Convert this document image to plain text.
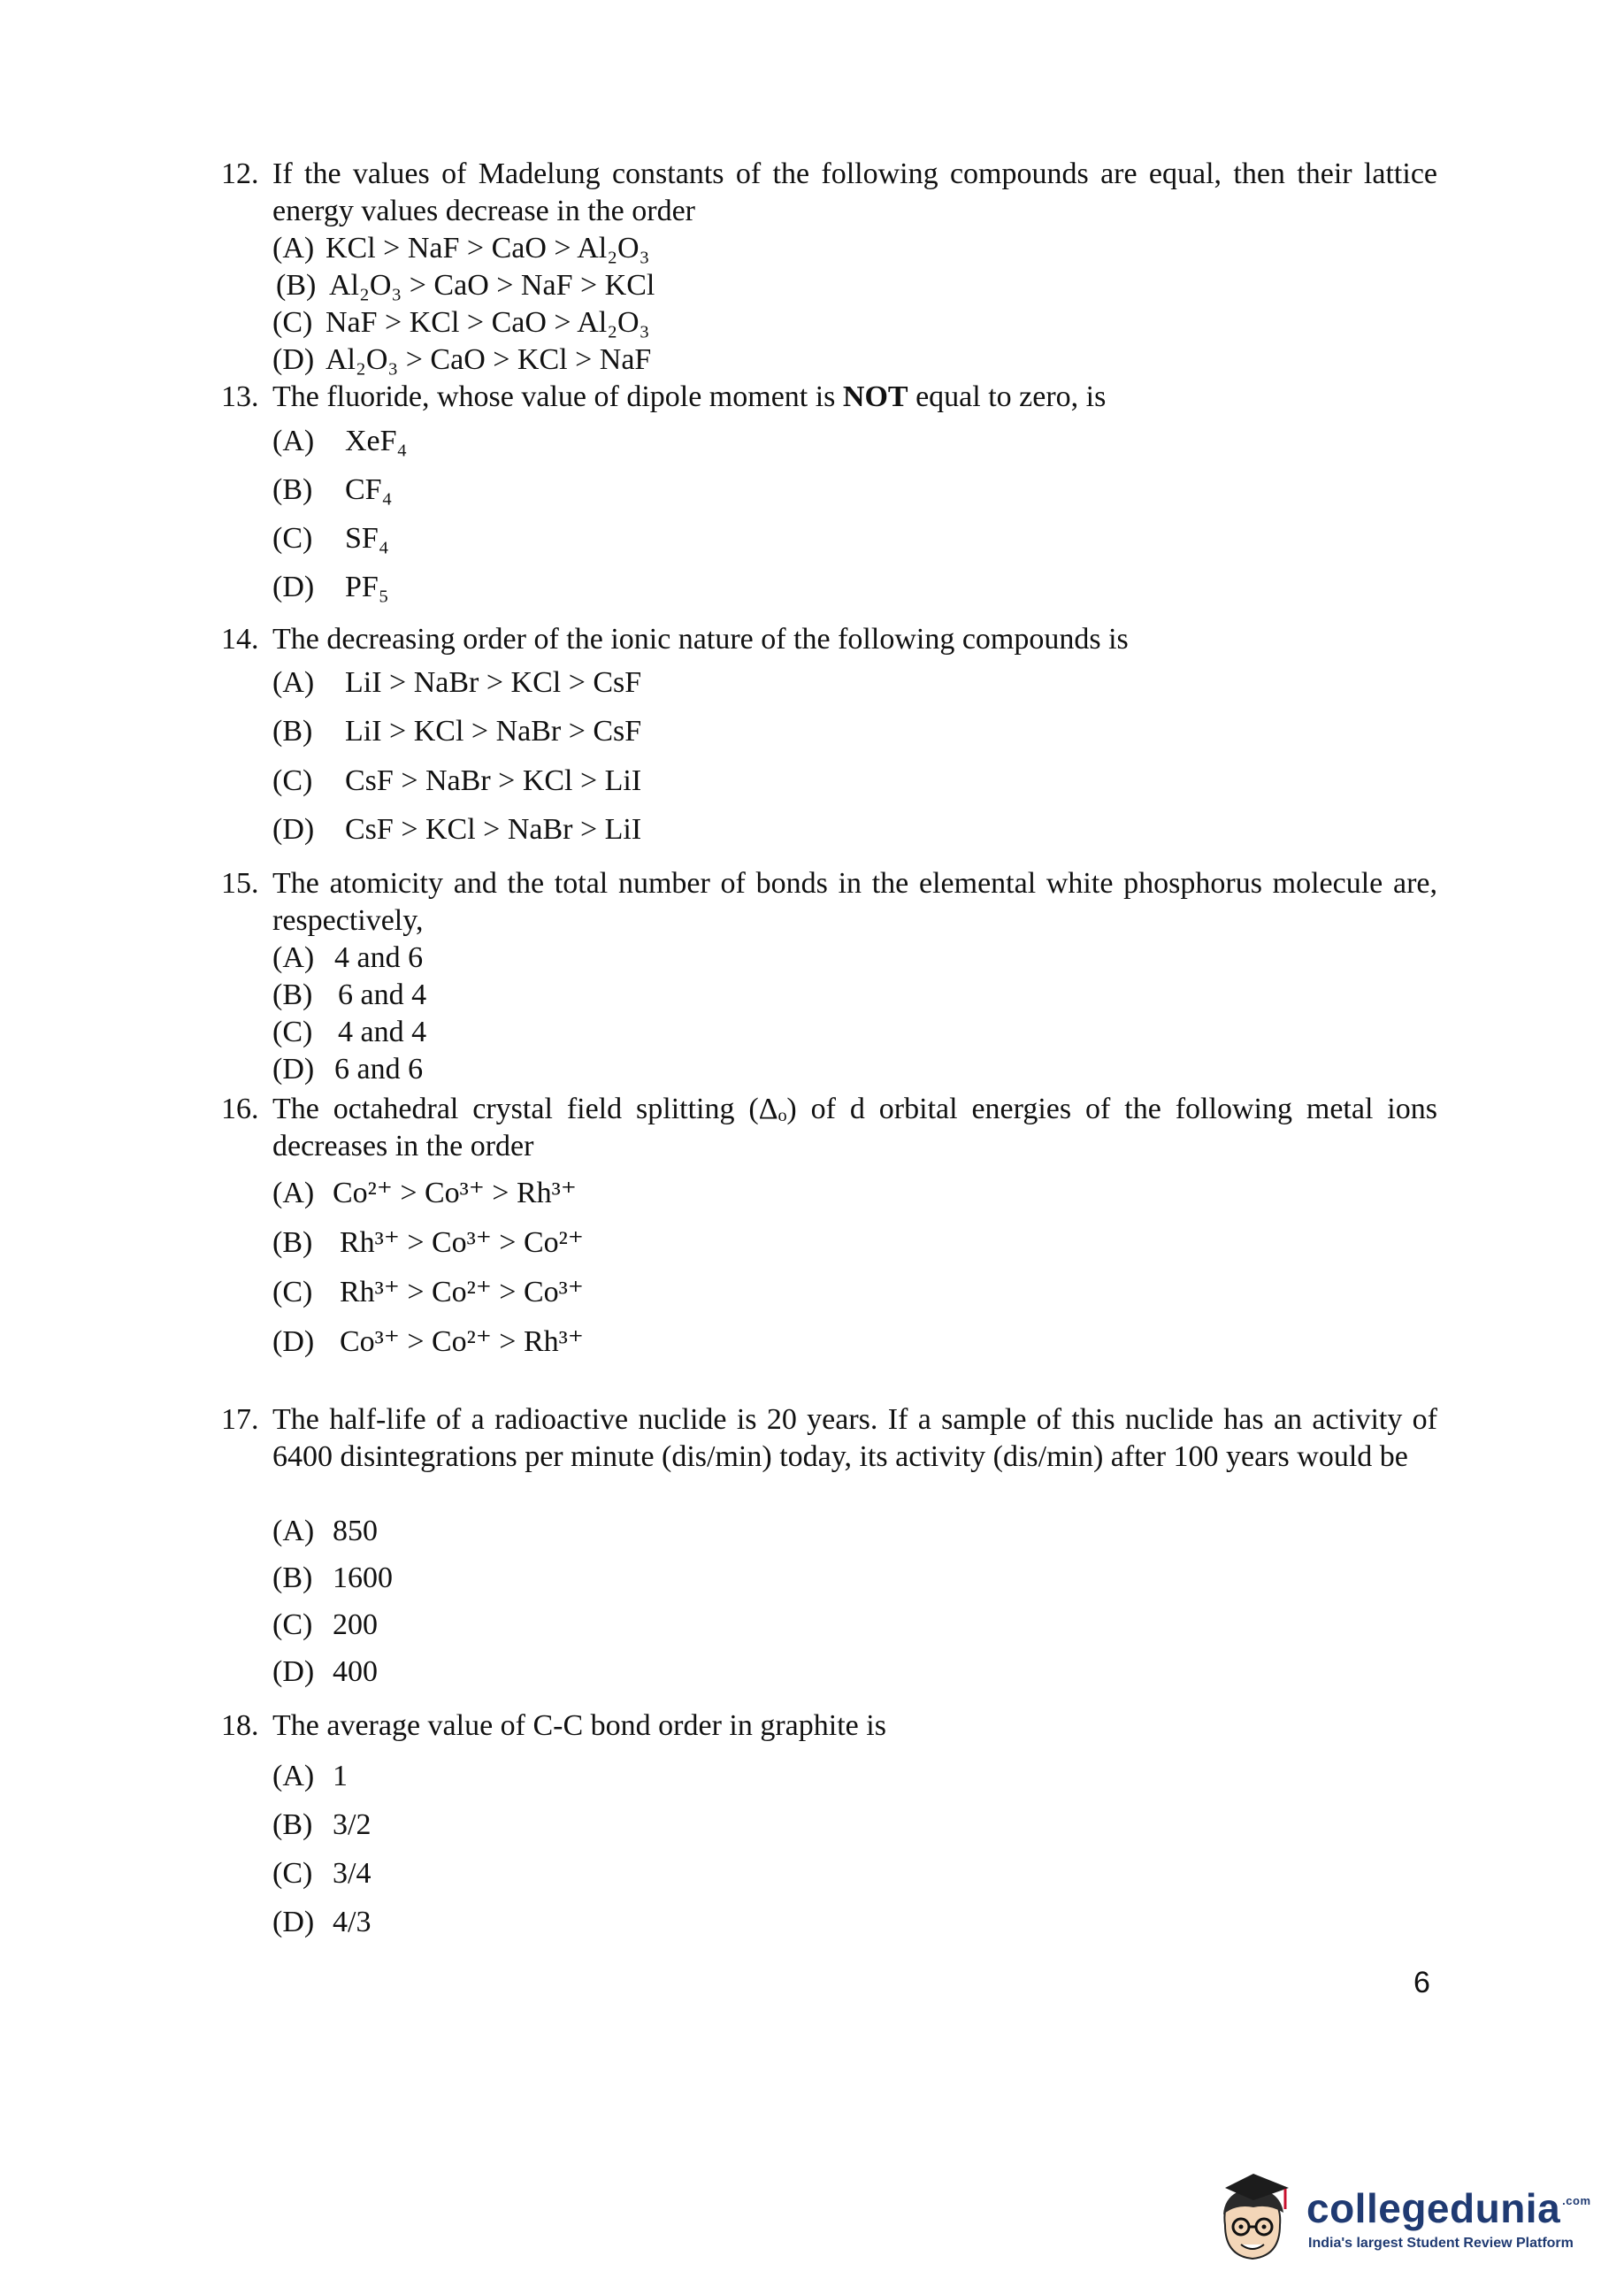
12. If the values of Madelung constants of the following compounds are equal, then their lattice energy values decrease in the order
(A) KCl > NaF > CaO > Al₂O₃
(B) Al₂O₃ > CaO > NaF > KCl
(C) NaF > KCl > CaO > Al₂O₃
(D) Al₂O₃ > CaO > KCl > NaF
13. The fluoride, whose value of dipole moment is NOT equal to zero, is
(A) XeF₄
(B) CF₄
(C) SF₄
(D) PF₅
14. The decreasing order of the ionic nature of the following compounds is
(A) LiI > NaBr > KCl > CsF
(B) LiI > KCl > NaBr > CsF
(C) CsF > NaBr > KCl > LiI
(D) CsF > KCl > NaBr > LiI
15. The atomicity and the total number of bonds in the elemental white phosphorus molecule are, respectively,
(A) 4 and 6
(B) 6 and 4
(C) 4 and 4
(D) 6 and 6
16. The octahedral crystal field splitting (Δₒ) of d orbital energies of the following metal ions decreases in the order
(A) Co²⁺ > Co³⁺ > Rh³⁺
(B) Rh³⁺ > Co³⁺ > Co²⁺
(C) Rh³⁺ > Co²⁺ > Co³⁺
(D) Co³⁺ > Co²⁺ > Rh³⁺
17. The half-life of a radioactive nuclide is 20 years. If a sample of this nuclide has an activity of 6400 disintegrations per minute (dis/min) today, its activity (dis/min) after 100 years would be
(A) 850
(B) 1600
(C) 200
(D) 400
18. The average value of C-C bond order in graphite is
(A) 1
(B) 3/2
(C) 3/4
(D) 4/3
6
collegedunia $^{.com}$
India's largest Student Review Platform
